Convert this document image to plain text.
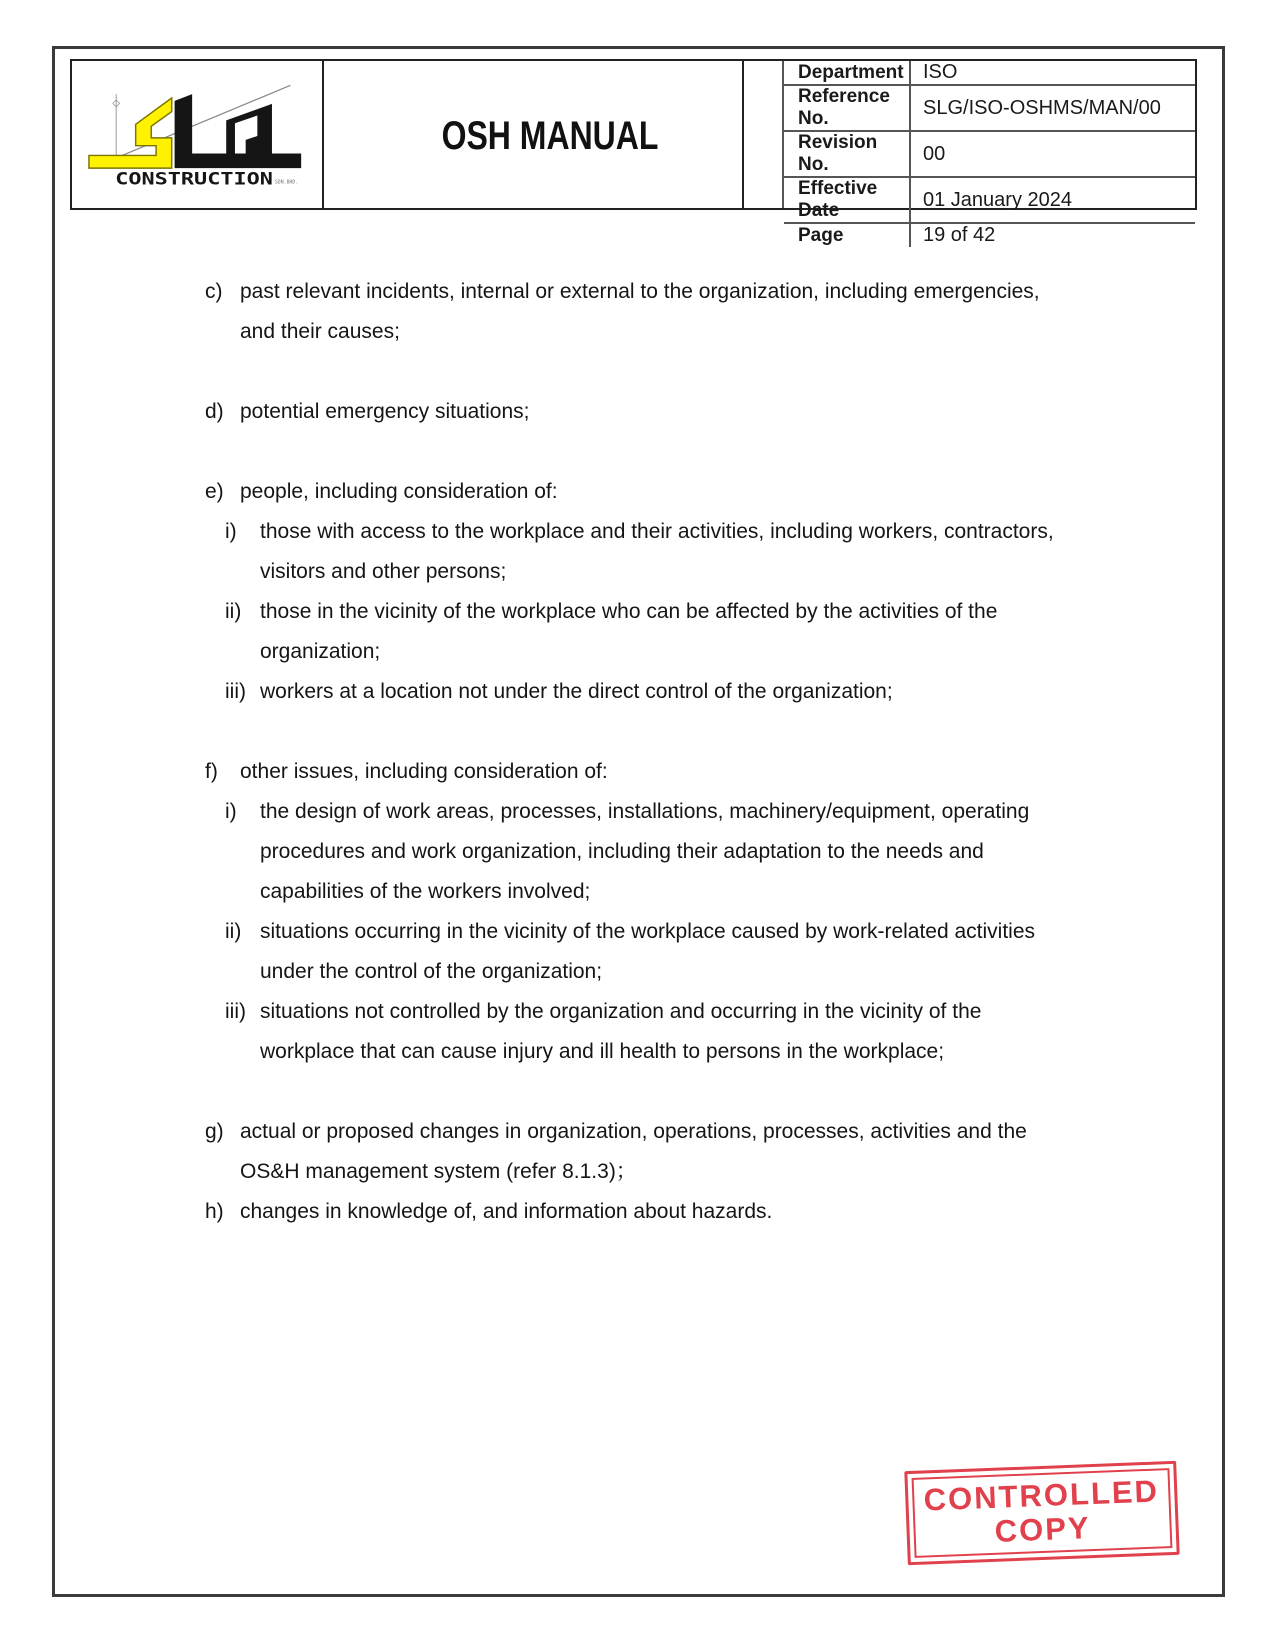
CONSTRUCTION SDN.BHD.
OSH MANUAL
Department ISO
Reference No.	SLG/ISO-OSHMS/MAN/00
Revision No.	00
Effective Date	01 January 2024
Page	19 of 42
c) past relevant incidents, internal or external to the organization, including emergencies,
and their causes;
d) potential emergency situations;
e) people, including consideration of:
i) those with access to the workplace and their activities, including workers, contractors,
visitors and other persons;
ii) those in the vicinity of the workplace who can be affected by the activities of the
organization;
iii) workers at a location not under the direct control of the organization;
f) other issues, including consideration of:
i) the design of work areas, processes, installations, machinery/equipment, operating
procedures and work organization, including their adaptation to the needs and
capabilities of the workers involved;
ii) situations occurring in the vicinity of the workplace caused by work-related activities
under the control of the organization;
iii) situations not controlled by the organization and occurring in the vicinity of the
workplace that can cause injury and ill health to persons in the workplace;
g) actual or proposed changes in organization, operations, processes, activities and the
OS&H management system (refer 8.1.3)；
h) changes in knowledge of, and information about hazards.
CONTROLLED
COPY
